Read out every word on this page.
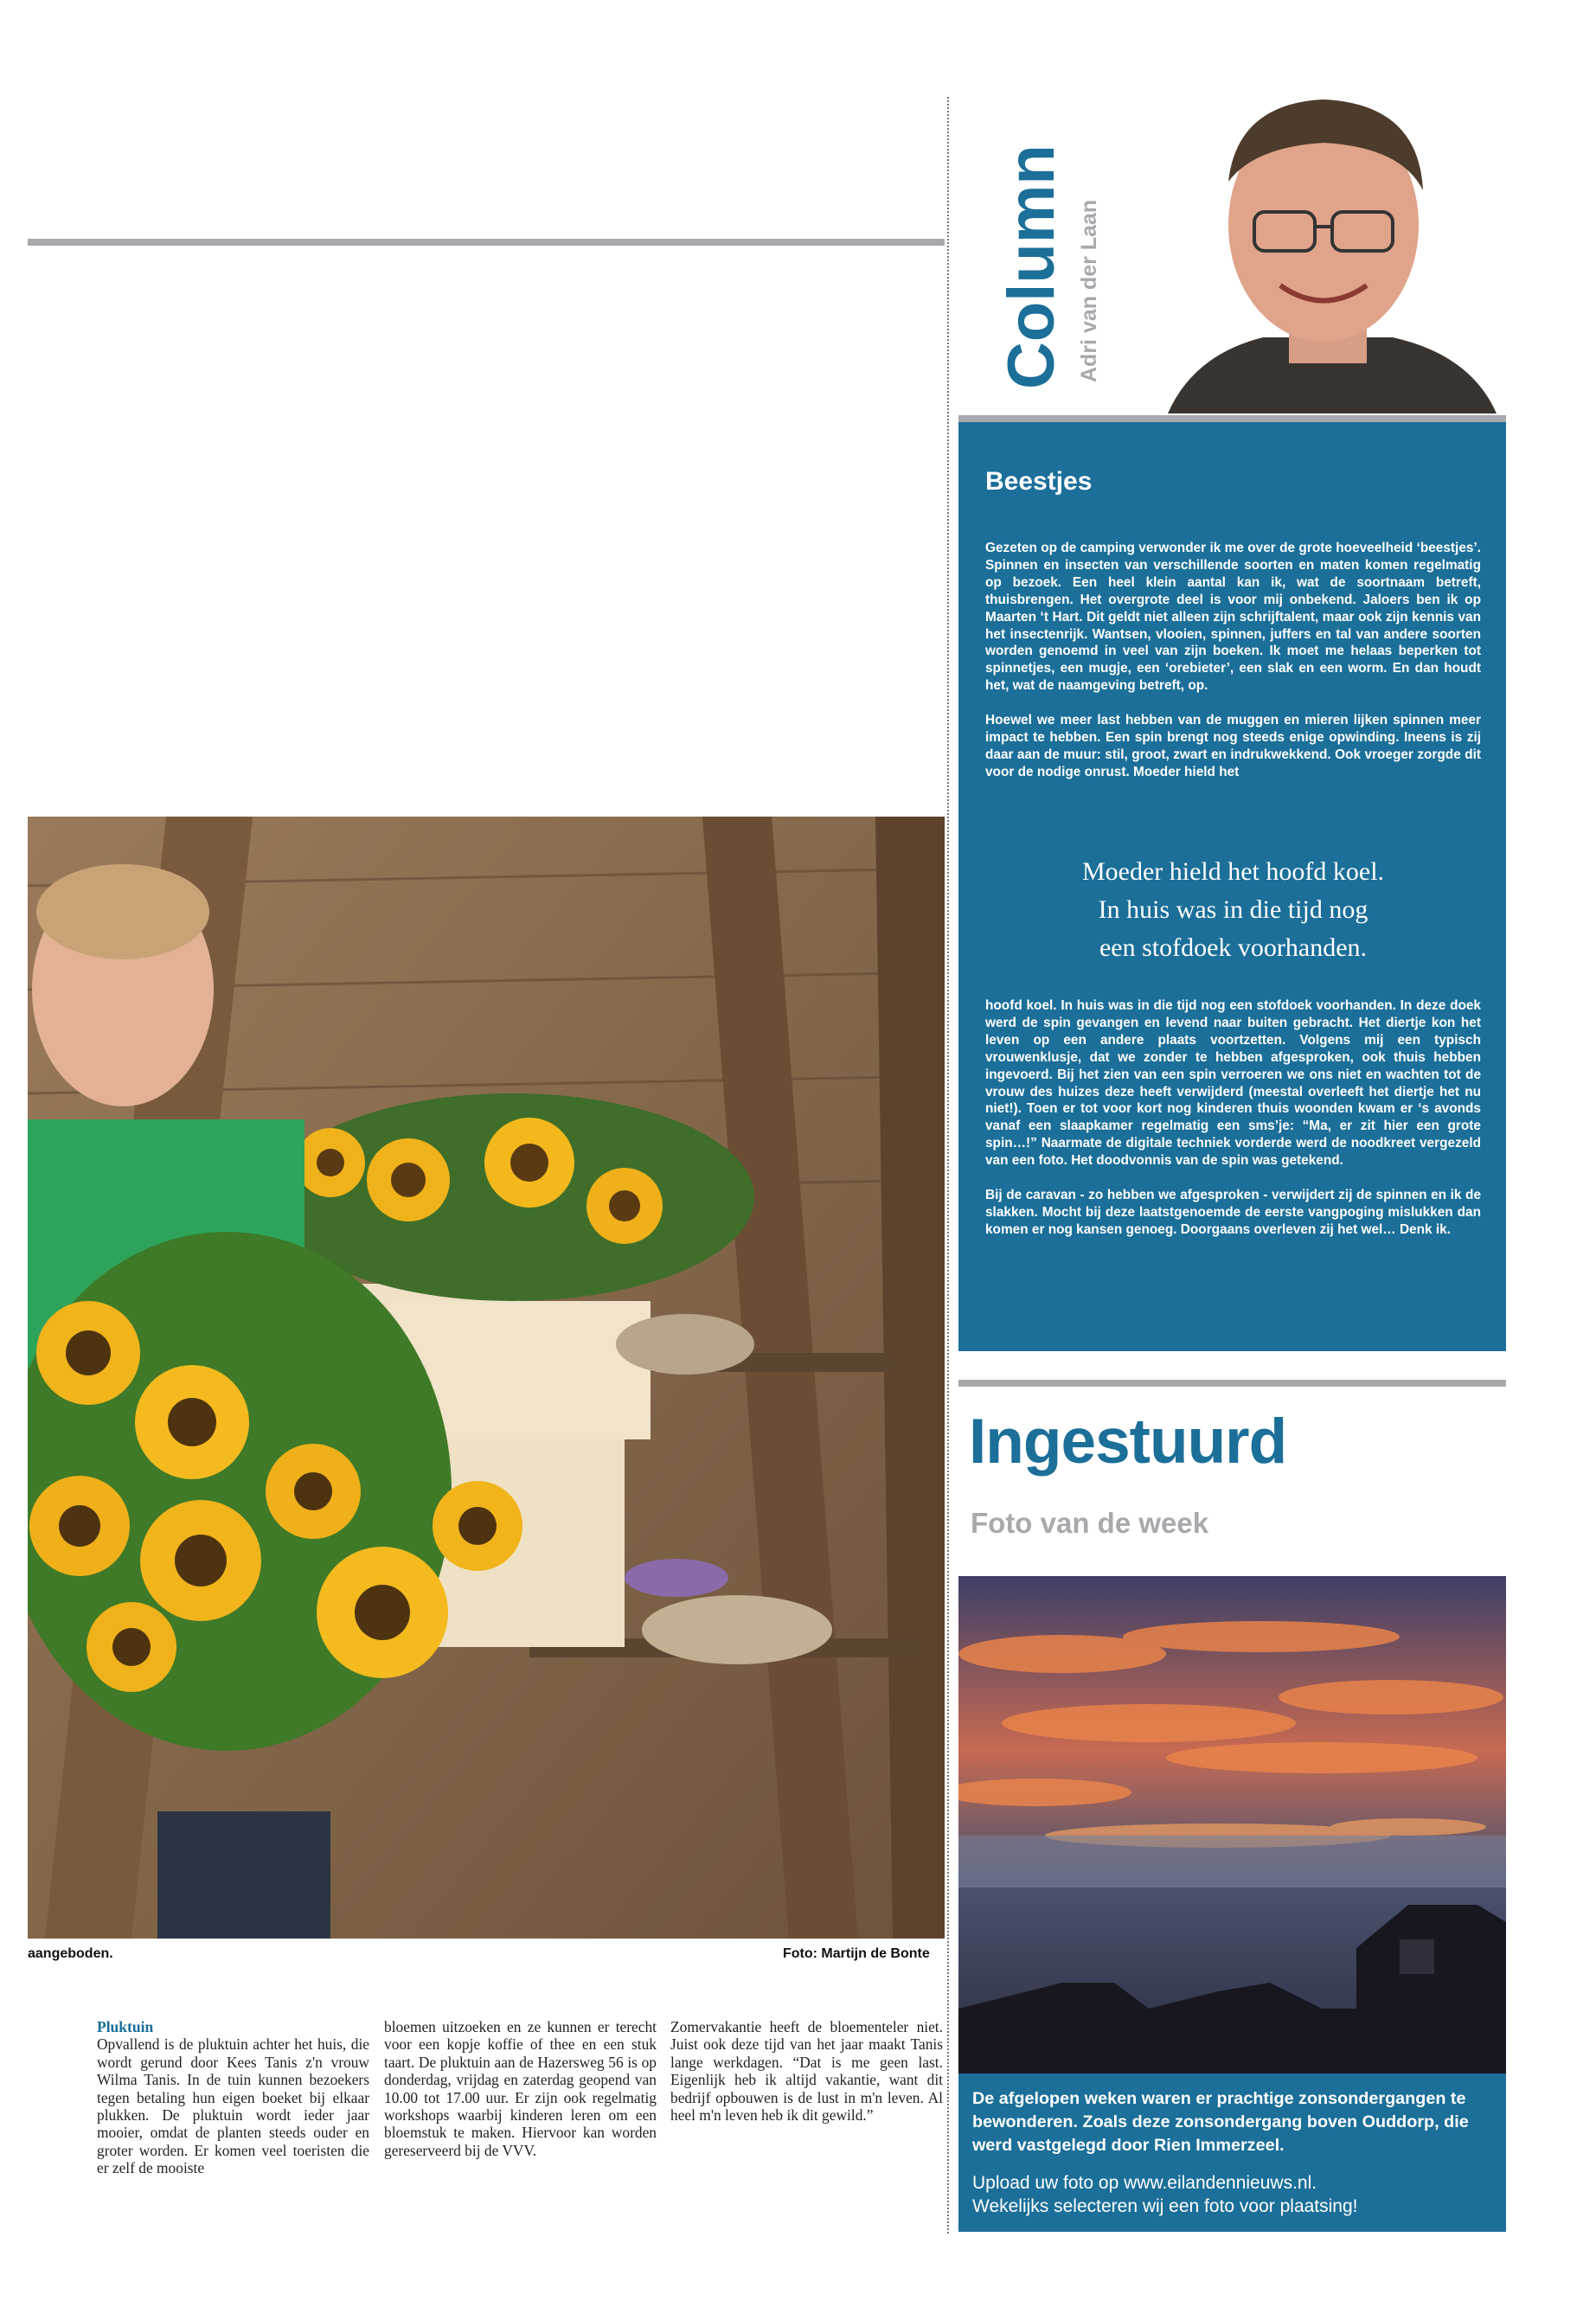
aangeboden.	Foto: Martijn de Bonte
Pluktuin

Opvallend is de pluktuin achter het huis, die wordt gerund door Kees Tanis z'n vrouw Wilma Tanis. In de tuin kunnen bezoekers tegen betaling hun eigen boeket bij elkaar plukken. De pluktuin wordt ieder jaar mooier, omdat de planten steeds ouder en groter worden. Er komen veel toeristen die er zelf de mooiste

bloemen uitzoeken en ze kunnen er terecht voor een kopje koffie of thee en een stuk taart. De pluktuin aan de Hazersweg 56 is op donderdag, vrijdag en zaterdag geopend van 10.00 tot 17.00 uur. Er zijn ook regelmatig workshops waarbij kinderen leren om een bloemstuk te maken. Hiervoor kan worden gereserveerd bij de VVV.

Zomervakantie heeft de bloementeler niet. Juist ook deze tijd van het jaar maakt Tanis lange werkdagen. “Dat is me geen last. Eigenlijk heb ik altijd vakantie, want dit bedrijf opbouwen is de lust in m'n leven. Al heel m'n leven heb ik dit gewild.”

Column Adri van der Laan
Beestjes

Gezeten op de camping verwonder ik me over de grote hoeveelheid ‘beestjes’. Spinnen en insecten van verschillende soorten en maten komen regelmatig op bezoek. Een heel klein aantal kan ik, wat de soortnaam betreft, thuisbrengen. Het overgrote deel is voor mij onbekend. Jaloers ben ik op Maarten ‘t Hart. Dit geldt niet alleen zijn schrijftalent, maar ook zijn kennis van het insectenrijk. Wantsen, vlooien, spinnen, juffers en tal van andere soorten worden genoemd in veel van zijn boeken. Ik moet me helaas beperken tot spinnetjes, een mugje, een ‘orebieter’, een slak en een worm. En dan houdt het, wat de naamgeving betreft, op.

Hoewel we meer last hebben van de muggen en mieren lijken spinnen meer impact te hebben. Een spin brengt nog steeds enige opwinding. Ineens is zij daar aan de muur: stil, groot, zwart en indrukwekkend. Ook vroeger zorgde dit voor de nodige onrust. Moeder hield het

Moeder hield het hoofd koel.
In huis was in die tijd nog
een stofdoek voorhanden.

hoofd koel. In huis was in die tijd nog een stofdoek voorhanden. In deze doek werd de spin gevangen en levend naar buiten gebracht. Het diertje kon het leven op een andere plaats voortzetten. Volgens mij een typisch vrouwenklusje, dat we zonder te hebben afgesproken, ook thuis hebben ingevoerd. Bij het zien van een spin verroeren we ons niet en wachten tot de vrouw des huizes deze heeft verwijderd (meestal overleeft het diertje het nu niet!). Toen er tot voor kort nog kinderen thuis woonden kwam er ‘s avonds vanaf een slaapkamer regelmatig een sms’je: “Ma, er zit hier een grote spin…!” Naarmate de digitale techniek vorderde werd de noodkreet vergezeld van een foto. Het doodvonnis van de spin was getekend.

Bij de caravan - zo hebben we afgesproken - verwijdert zij de spinnen en ik de slakken. Mocht bij deze laatstgenoemde de eerste vangpoging mislukken dan komen er nog kansen genoeg. Doorgaans overleven zij het wel… Denk ik.

Ingestuurd
Foto van de week
De afgelopen weken waren er prachtige zonsondergangen te bewonderen. Zoals deze zonsondergang boven Ouddorp, die werd vastgelegd door Rien Immerzeel.
Upload uw foto op www.eilandennieuws.nl.
Wekelijks selecteren wij een foto voor plaatsing!
